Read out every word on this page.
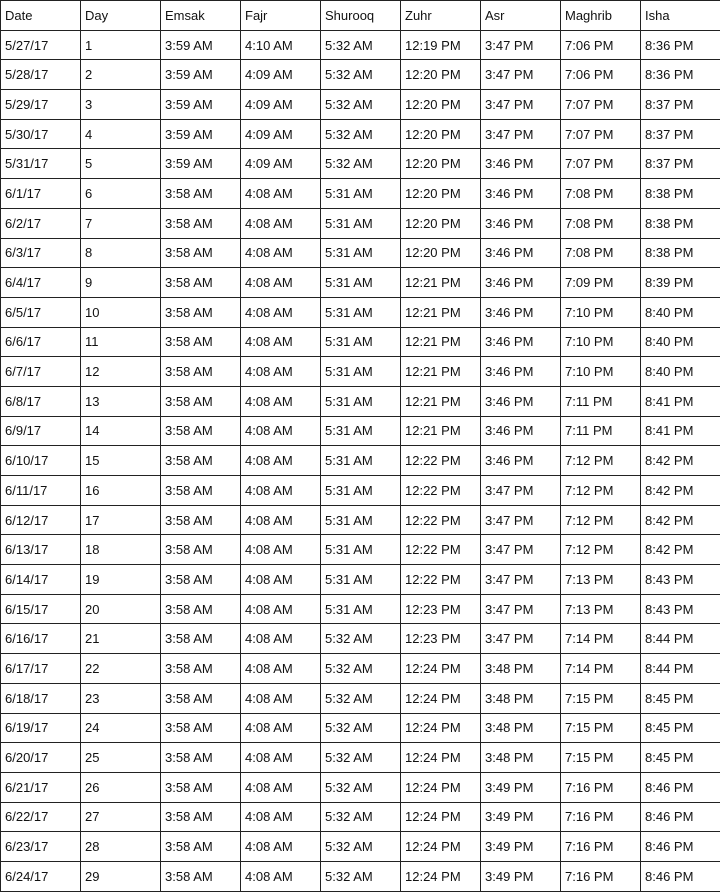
Date	Day	Emsak	Fajr	Shurooq	Zuhr	Asr	Maghrib	Isha
5/27/17	1	3:59 AM	4:10 AM	5:32 AM	12:19 PM	3:47 PM	7:06 PM	8:36 PM
5/28/17	2	3:59 AM	4:09 AM	5:32 AM	12:20 PM	3:47 PM	7:06 PM	8:36 PM
5/29/17	3	3:59 AM	4:09 AM	5:32 AM	12:20 PM	3:47 PM	7:07 PM	8:37 PM
5/30/17	4	3:59 AM	4:09 AM	5:32 AM	12:20 PM	3:47 PM	7:07 PM	8:37 PM
5/31/17	5	3:59 AM	4:09 AM	5:32 AM	12:20 PM	3:46 PM	7:07 PM	8:37 PM
6/1/17	6	3:58 AM	4:08 AM	5:31 AM	12:20 PM	3:46 PM	7:08 PM	8:38 PM
6/2/17	7	3:58 AM	4:08 AM	5:31 AM	12:20 PM	3:46 PM	7:08 PM	8:38 PM
6/3/17	8	3:58 AM	4:08 AM	5:31 AM	12:20 PM	3:46 PM	7:08 PM	8:38 PM
6/4/17	9	3:58 AM	4:08 AM	5:31 AM	12:21 PM	3:46 PM	7:09 PM	8:39 PM
6/5/17	10	3:58 AM	4:08 AM	5:31 AM	12:21 PM	3:46 PM	7:10 PM	8:40 PM
6/6/17	11	3:58 AM	4:08 AM	5:31 AM	12:21 PM	3:46 PM	7:10 PM	8:40 PM
6/7/17	12	3:58 AM	4:08 AM	5:31 AM	12:21 PM	3:46 PM	7:10 PM	8:40 PM
6/8/17	13	3:58 AM	4:08 AM	5:31 AM	12:21 PM	3:46 PM	7:11 PM	8:41 PM
6/9/17	14	3:58 AM	4:08 AM	5:31 AM	12:21 PM	3:46 PM	7:11 PM	8:41 PM
6/10/17	15	3:58 AM	4:08 AM	5:31 AM	12:22 PM	3:46 PM	7:12 PM	8:42 PM
6/11/17	16	3:58 AM	4:08 AM	5:31 AM	12:22 PM	3:47 PM	7:12 PM	8:42 PM
6/12/17	17	3:58 AM	4:08 AM	5:31 AM	12:22 PM	3:47 PM	7:12 PM	8:42 PM
6/13/17	18	3:58 AM	4:08 AM	5:31 AM	12:22 PM	3:47 PM	7:12 PM	8:42 PM
6/14/17	19	3:58 AM	4:08 AM	5:31 AM	12:22 PM	3:47 PM	7:13 PM	8:43 PM
6/15/17	20	3:58 AM	4:08 AM	5:31 AM	12:23 PM	3:47 PM	7:13 PM	8:43 PM
6/16/17	21	3:58 AM	4:08 AM	5:32 AM	12:23 PM	3:47 PM	7:14 PM	8:44 PM
6/17/17	22	3:58 AM	4:08 AM	5:32 AM	12:24 PM	3:48 PM	7:14 PM	8:44 PM
6/18/17	23	3:58 AM	4:08 AM	5:32 AM	12:24 PM	3:48 PM	7:15 PM	8:45 PM
6/19/17	24	3:58 AM	4:08 AM	5:32 AM	12:24 PM	3:48 PM	7:15 PM	8:45 PM
6/20/17	25	3:58 AM	4:08 AM	5:32 AM	12:24 PM	3:48 PM	7:15 PM	8:45 PM
6/21/17	26	3:58 AM	4:08 AM	5:32 AM	12:24 PM	3:49 PM	7:16 PM	8:46 PM
6/22/17	27	3:58 AM	4:08 AM	5:32 AM	12:24 PM	3:49 PM	7:16 PM	8:46 PM
6/23/17	28	3:58 AM	4:08 AM	5:32 AM	12:24 PM	3:49 PM	7:16 PM	8:46 PM
6/24/17	29	3:58 AM	4:08 AM	5:32 AM	12:24 PM	3:49 PM	7:16 PM	8:46 PM
